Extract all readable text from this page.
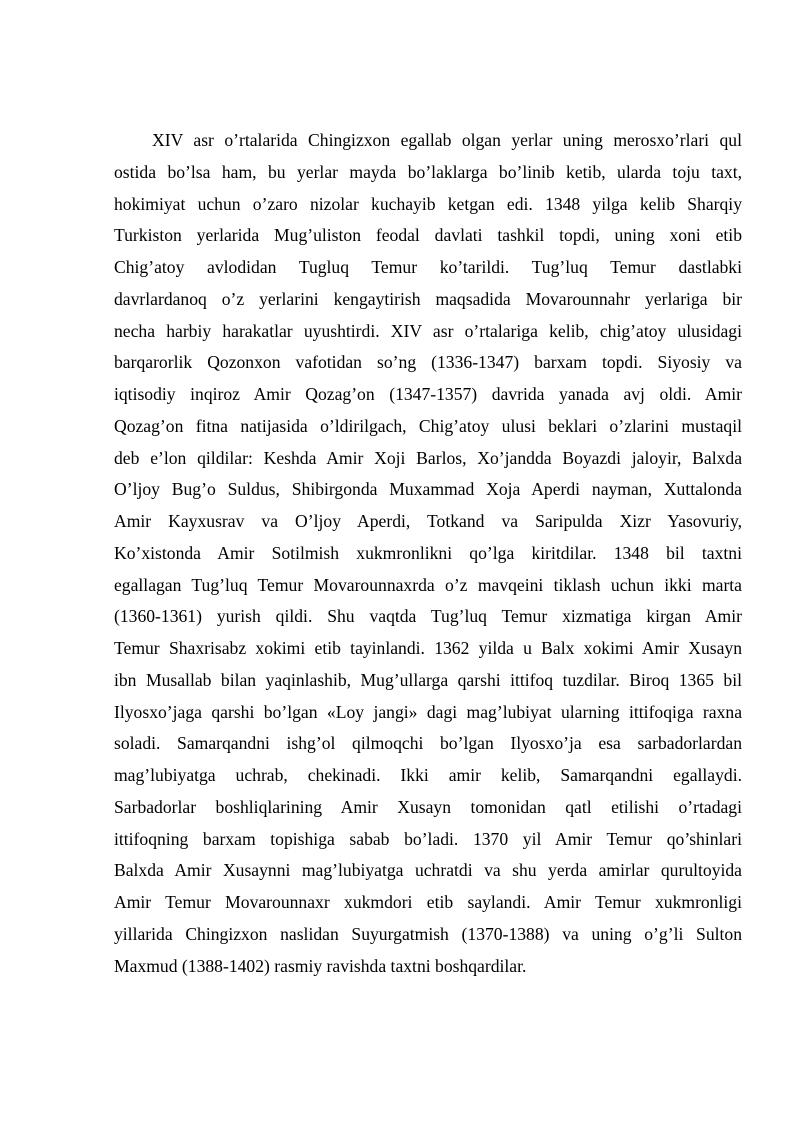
XIV asr o’rtalarida Chingizxon egallab olgan yerlar uning merosxo’rlari qul
ostida bo’lsa ham, bu yerlar mayda bo’laklarga bo’linib ketib, ularda toju taxt,
hokimiyat uchun o’zaro nizolar kuchayib ketgan edi. 1348 yilga kelib Sharqiy
Turkiston yerlarida Mug’uliston feodal davlati tashkil topdi, uning xoni etib
Chig’atoy avlodidan Tugluq Temur ko’tarildi. Tug’luq Temur dastlabki
davrlardanoq o’z yerlarini kengaytirish maqsadida Movarounnahr yerlariga bir
necha harbiy harakatlar uyushtirdi. XIV asr o’rtalariga kelib, chig’atoy ulusidagi
barqarorlik Qozonxon vafotidan so’ng (1336-1347) barxam topdi. Siyosiy va
iqtisodiy inqiroz Amir Qozag’on (1347-1357) davrida yanada avj oldi. Amir
Qozag’on fitna natijasida o’ldirilgach, Chig’atoy ulusi beklari o’zlarini mustaqil
deb e’lon qildilar: Keshda Amir Xoji Barlos, Xo’jandda Boyazdi jaloyir, Balxda
O’ljoy Bug’o Suldus, Shibirgonda Muxammad Xoja Aperdi nayman, Xuttalonda
Amir Kayxusrav va O’ljoy Aperdi, Totkand va Saripulda Xizr Yasovuriy,
Ko’xistonda Amir Sotilmish xukmronlikni qo’lga kiritdilar. 1348 bil taxtni
egallagan Tug’luq Temur Movarounnaxrda o’z mavqeini tiklash uchun ikki marta
(1360-1361) yurish qildi. Shu vaqtda Tug’luq Temur xizmatiga kirgan Amir
Temur Shaxrisabz xokimi etib tayinlandi. 1362 yilda u Balx xokimi Amir Xusayn
ibn Musallab bilan yaqinlashib, Mug’ullarga qarshi ittifoq tuzdilar. Biroq 1365 bil
Ilyosxo’jaga qarshi bo’lgan «Loy jangi» dagi mag’lubiyat ularning ittifoqiga raxna
soladi. Samarqandni ishg’ol qilmoqchi bo’lgan Ilyosxo’ja esa sarbadorlardan
mag’lubiyatga uchrab, chekinadi. Ikki amir kelib, Samarqandni egallaydi.
Sarbadorlar boshliqlarining Amir Xusayn tomonidan qatl etilishi o’rtadagi
ittifoqning barxam topishiga sabab bo’ladi. 1370 yil Amir Temur qo’shinlari
Balxda Amir Xusaynni mag’lubiyatga uchratdi va shu yerda amirlar qurultoyida
Amir Temur Movarounnaxr xukmdori etib saylandi. Amir Temur xukmronligi
yillarida Chingizxon naslidan Suyurgatmish (1370-1388) va uning o’g’li Sulton
Maxmud (1388-1402) rasmiy ravishda taxtni boshqardilar.
